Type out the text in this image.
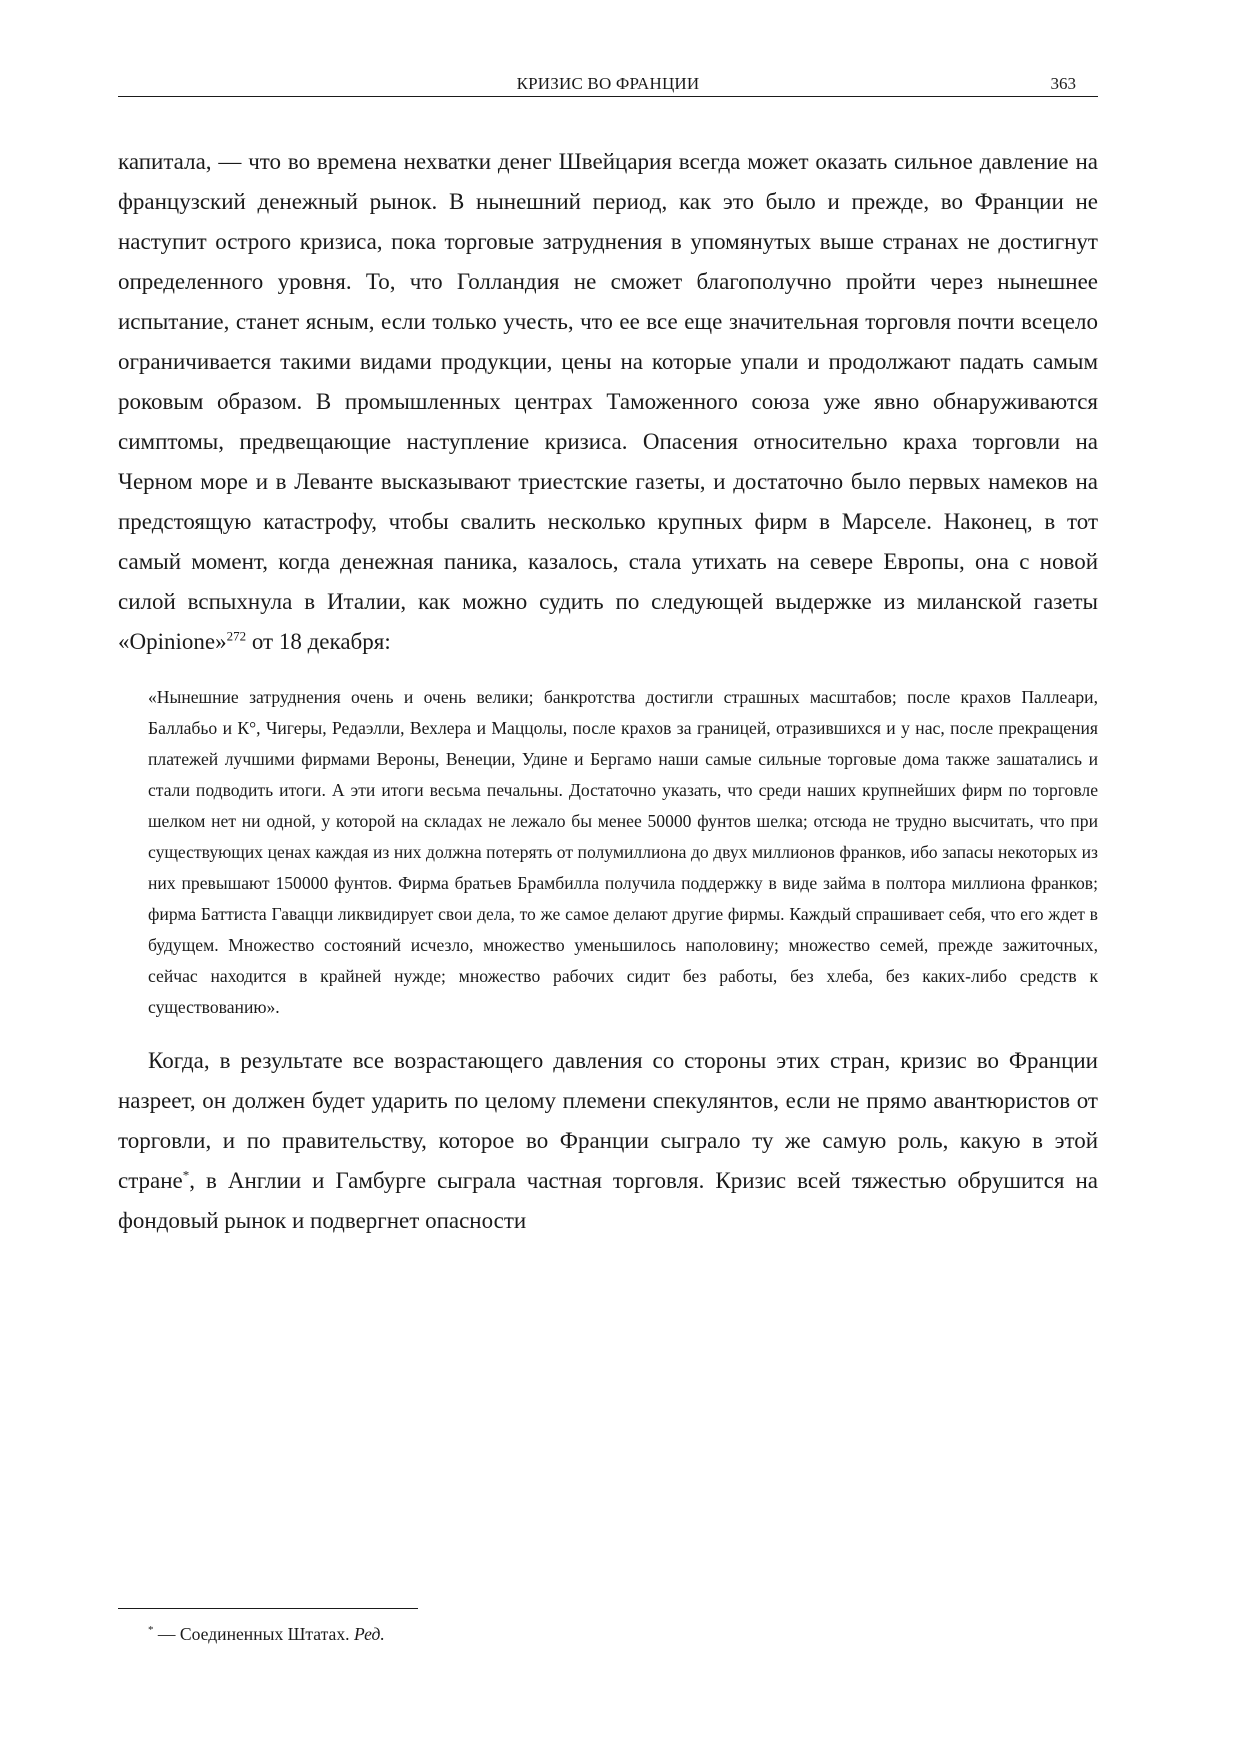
КРИЗИС ВО ФРАНЦИИ	363

капитала, — что во времена нехватки денег Швейцария всегда может оказать сильное давление на французский денежный рынок. В нынешний период, как это было и прежде, во Франции не наступит острого кризиса, пока торговые затруднения в упомянутых выше странах не достигнут определенного уровня. То, что Голландия не сможет благополучно пройти через нынешнее испытание, станет ясным, если только учесть, что ее все еще значительная торговля почти всецело ограничивается такими видами продукции, цены на которые упали и продолжают падать самым роковым образом. В промышленных центрах Таможенного союза уже явно обнаруживаются симптомы, предвещающие наступление кризиса. Опасения относительно краха торговли на Черном море и в Леванте высказывают триестские газеты, и достаточно было первых намеков на предстоящую катастрофу, чтобы свалить несколько крупных фирм в Марселе. Наконец, в тот самый момент, когда денежная паника, казалось, стала утихать на севере Европы, она с новой силой вспыхнула в Италии, как можно судить по следующей выдержке из миланской газеты «Opinione»$^{272}$ от 18 декабря:

«Нынешние затруднения очень и очень велики; банкротства достигли страшных масштабов; после крахов Паллеари, Баллабьо и К°, Чигеры, Редаэлли, Вехлера и Маццолы, после крахов за границей, отразившихся и у нас, после прекращения платежей лучшими фирмами Вероны, Венеции, Удине и Бергамо наши самые сильные торговые дома также зашатались и стали подводить итоги. А эти итоги весьма печальны. Достаточно указать, что среди наших крупнейших фирм по торговле шелком нет ни одной, у которой на складах не лежало бы менее 50000 фунтов шелка; отсюда не трудно высчитать, что при существующих ценах каждая из них должна потерять от полумиллиона до двух миллионов франков, ибо запасы некоторых из них превышают 150000 фунтов. Фирма братьев Брамбилла получила поддержку в виде займа в полтора миллиона франков; фирма Баттиста Гавацци ликвидирует свои дела, то же самое делают другие фирмы. Каждый спрашивает себя, что его ждет в будущем. Множество состояний исчезло, множество уменьшилось наполовину; множество семей, прежде зажиточных, сейчас находится в крайней нужде; множество рабочих сидит без работы, без хлеба, без каких-либо средств к существованию».

Когда, в результате все возрастающего давления со стороны этих стран, кризис во Франции назреет, он должен будет ударить по целому племени спекулянтов, если не прямо авантюристов от торговли, и по правительству, которое во Франции сыграло ту же самую роль, какую в этой стране*, в Англии и Гамбурге сыграла частная торговля. Кризис всей тяжестью обрушится на фондовый рынок и подвергнет опасности

* — Соединенных Штатах. Ред.
